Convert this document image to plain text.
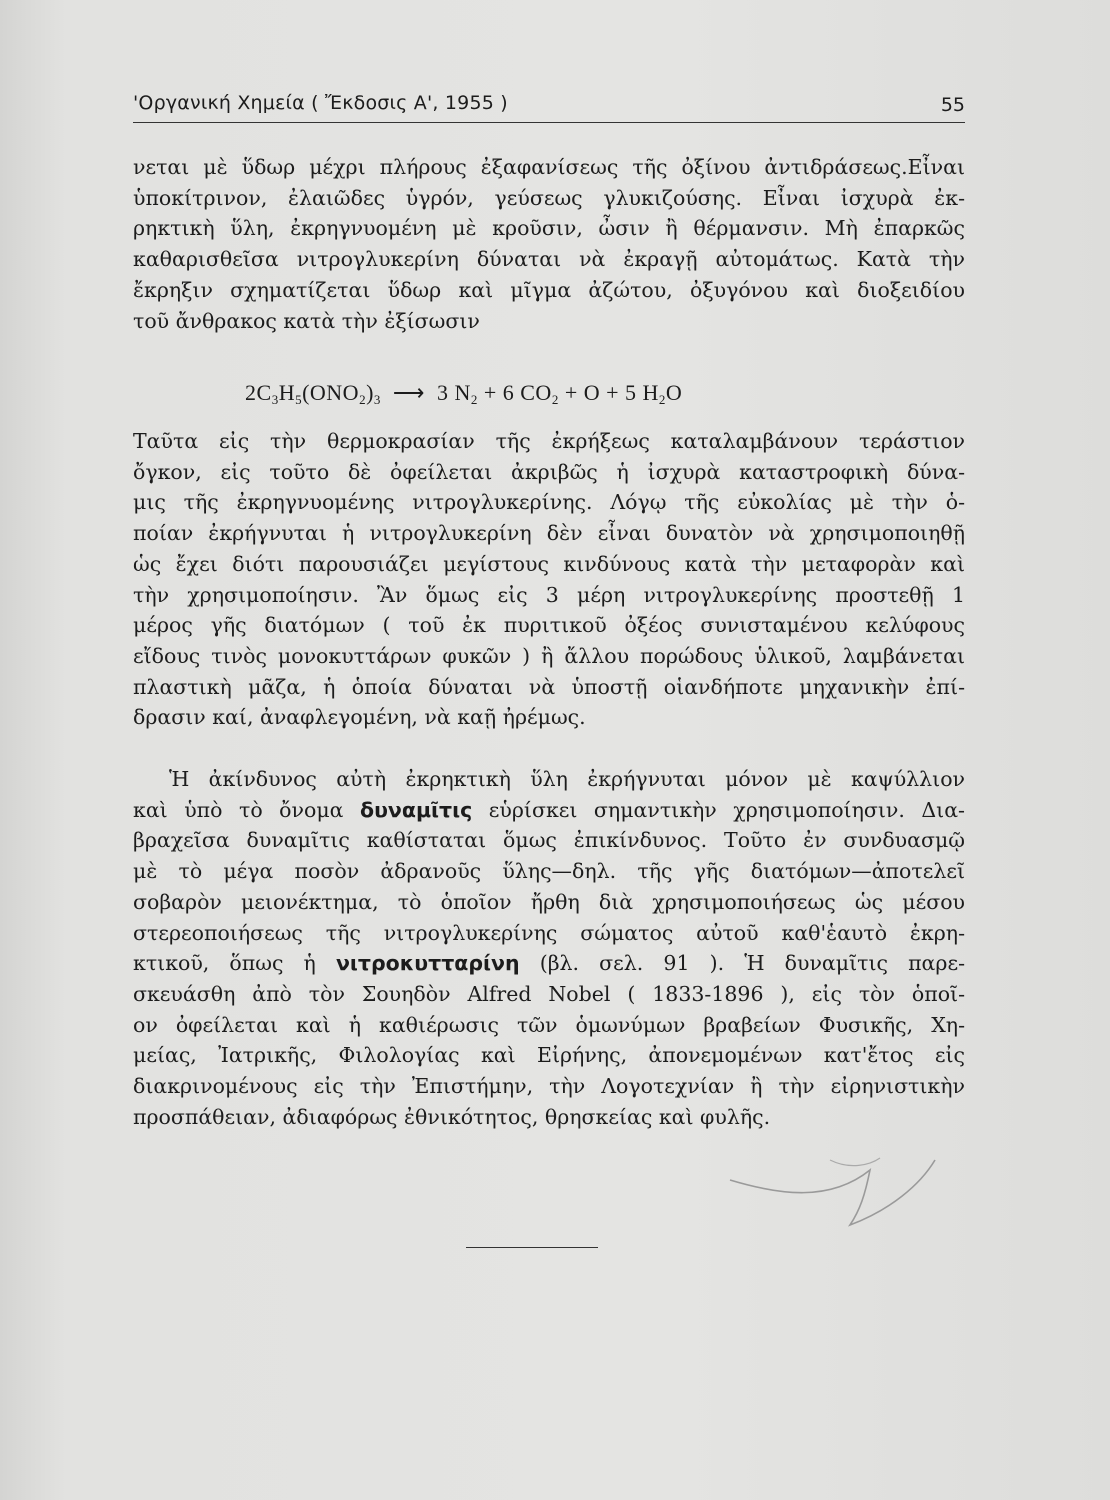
'Οργανική Χημεία ( Ἔκδοσις Α', 1955 )	55
νεται μὲ ὕδωρ μέχρι πλήρους ἐξαφανίσεως τῆς ὀξίνου ἀντιδράσεως.Εἶναι
ὑποκίτρινον, ἐλαιῶδες ὑγρόν, γεύσεως γλυκιζούσης. Εἶναι ἰσχυρὰ ἐκ-
ρηκτικὴ ὕλη, ἐκρηγνυομένη μὲ κροῦσιν, ὦσιν ἢ θέρμανσιν. Μὴ ἐπαρκῶς
καθαρισθεῖσα νιτρογλυκερίνη δύναται νὰ ἐκραγῇ αὐτομάτως. Κατὰ τὴν
ἔκρηξιν σχηματίζεται ὕδωρ καὶ μῖγμα ἀζώτου, ὀξυγόνου καὶ διοξειδίου
τοῦ ἄνθρακος κατὰ τὴν ἐξίσωσιν
$2C_3H_5(ONO_2)_3$  ⟶  3 $N_2 + 6$ $CO_2 + O + 5$ $H_2O$
Ταῦτα εἰς τὴν θερμοκρασίαν τῆς ἐκρήξεως καταλαμβάνουν τεράστιον
ὄγκον, εἰς τοῦτο δὲ ὀφείλεται ἀκριβῶς ἡ ἰσχυρὰ καταστροφικὴ δύνα-
μις τῆς ἐκρηγνυομένης νιτρογλυκερίνης. Λόγῳ τῆς εὐκολίας μὲ τὴν ὁ-
ποίαν ἐκρήγνυται ἡ νιτρογλυκερίνη δὲν εἶναι δυνατὸν νὰ χρησιμοποιηθῇ
ὡς ἔχει διότι παρουσιάζει μεγίστους κινδύνους κατὰ τὴν μεταφορὰν καὶ
τὴν χρησιμοποίησιν. Ἂν ὅμως εἰς 3 μέρη νιτρογλυκερίνης προστεθῇ 1
μέρος γῆς διατόμων ( τοῦ ἐκ πυριτικοῦ ὀξέος συνισταμένου κελύφους
εἴδους τινὸς μονοκυττάρων φυκῶν ) ἢ ἄλλου πορώδους ὑλικοῦ, λαμβάνεται
πλαστικὴ μᾶζα, ἡ ὁποία δύναται νὰ ὑποστῇ οἱανδήποτε μηχανικὴν ἐπί-
δρασιν καί, ἀναφλεγομένη, νὰ καῇ ἠρέμως.
Ἡ ἀκίνδυνος αὐτὴ ἐκρηκτικὴ ὕλη ἐκρήγνυται μόνον μὲ καψύλλιον
καὶ ὑπὸ τὸ ὄνομα δυναμῖτις εὑρίσκει σημαντικὴν χρησιμοποίησιν. Δια-
βραχεῖσα δυναμῖτις καθίσταται ὅμως ἐπικίνδυνος. Τοῦτο ἐν συνδυασμῷ
μὲ τὸ μέγα ποσὸν ἀδρανοῦς ὕλης—δηλ. τῆς γῆς διατόμων—ἀποτελεῖ
σοβαρὸν μειονέκτημα, τὸ ὁποῖον ἤρθη διὰ χρησιμοποιήσεως ὡς μέσου
στερεοποιήσεως τῆς νιτρογλυκερίνης σώματος αὐτοῦ καθ'ἑαυτὸ ἐκρη-
κτικοῦ, ὅπως ἡ νιτροκυτταρίνη (βλ. σελ. 91 ). Ἡ δυναμῖτις παρε-
σκευάσθη ἀπὸ τὸν Σουηδὸν Alfred Nobel ( 1833-1896 ), εἰς τὸν ὁποῖ-
ον ὀφείλεται καὶ ἡ καθιέρωσις τῶν ὁμωνύμων βραβείων Φυσικῆς, Χη-
μείας, Ἰατρικῆς, Φιλολογίας καὶ Εἰρήνης, ἀπονεμομένων κατ'ἔτος εἰς
διακρινομένους εἰς τὴν Ἐπιστήμην, τὴν Λογοτεχνίαν ἢ τὴν εἰρηνιστικὴν
προσπάθειαν, ἀδιαφόρως ἐθνικότητος, θρησκείας καὶ φυλῆς.
